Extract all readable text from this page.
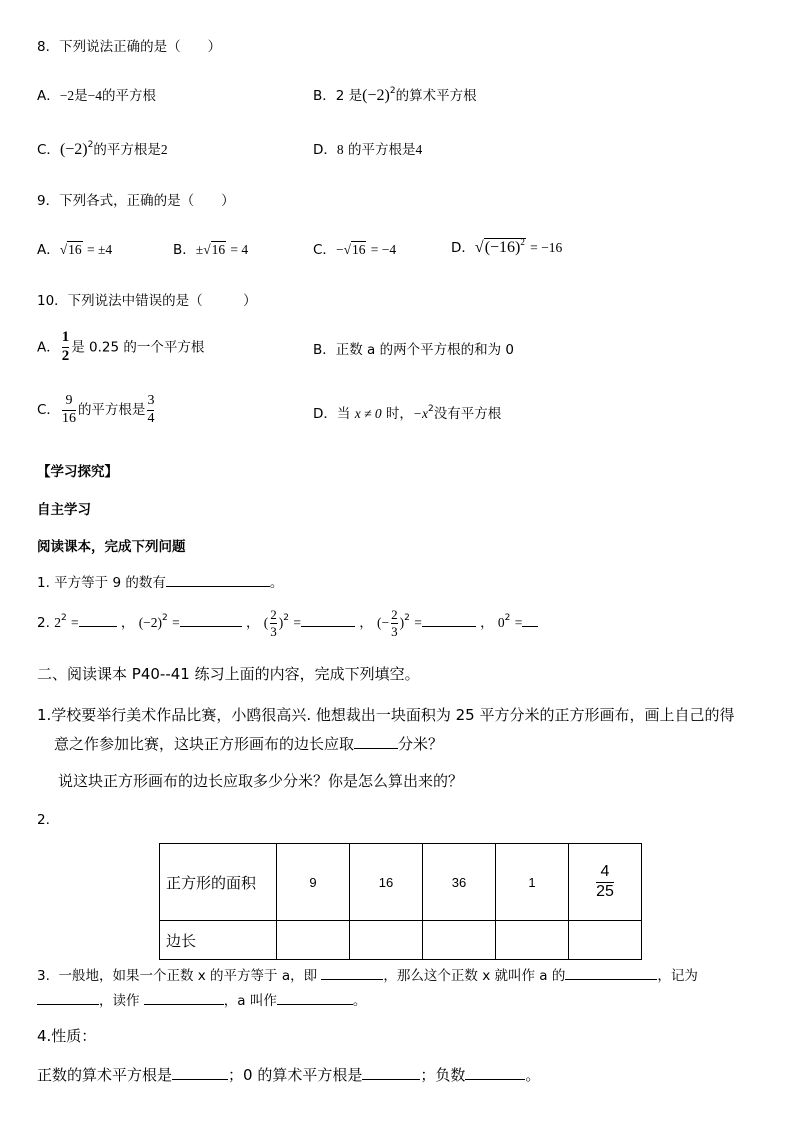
8．下列说法正确的是（　　）
A．−2是−4的平方根	B．2 是$(-2)^2$的算术平方根
C．$(-2)^2$的平方根是2	D．8 的平方根是4
9．下列各式，正确的是（　　）
A．√16 = ±4	B．±√16 = 4	C．−√16 = −4	D．$√(-16)^2 = -16$
10．下列说法中错误的是（　　　）
A． $\frac{1}{2}$ 是 0.25 的一个平方根	B．正数 a 的两个平方根的和为 0
C． $\frac{9}{16}$ 的平方根是 $\frac{3}{4}$	D．当 x ≠ 0 时，$-x^2$没有平方根
【学习探究】
自主学习
阅读课本，完成下列问题
1. 平方等于 9 的数有	。
2. $2^2$ =	， $(-2)^2$ =	， ( $\frac{2}{3} )^2$ =	， (− $\frac{2}{3} )^2$ =	， $0^2$ =
二、阅读课本 P40--41 练习上面的内容，完成下列填空。
1.学校要举行美术作品比赛，小鸥很高兴. 他想裁出一块面积为 25 平方分米的正方形画布，画上自己的得
意之作参加比赛，这块正方形画布的边长应取	分米？
说这块正方形画布的边长应取多少分米？你是怎么算出来的？
2.
正方形的面积	9	16	36	1	$\frac{4}{25}$

边长					
3. 一般地，如果一个正数 x 的平方等于 a，即	，那么这个正数 x 就叫作 a 的	，记为
，读作	，a 叫作	。
4.性质：
正数的算术平方根是	；0 的算术平方根是	；负数	。
